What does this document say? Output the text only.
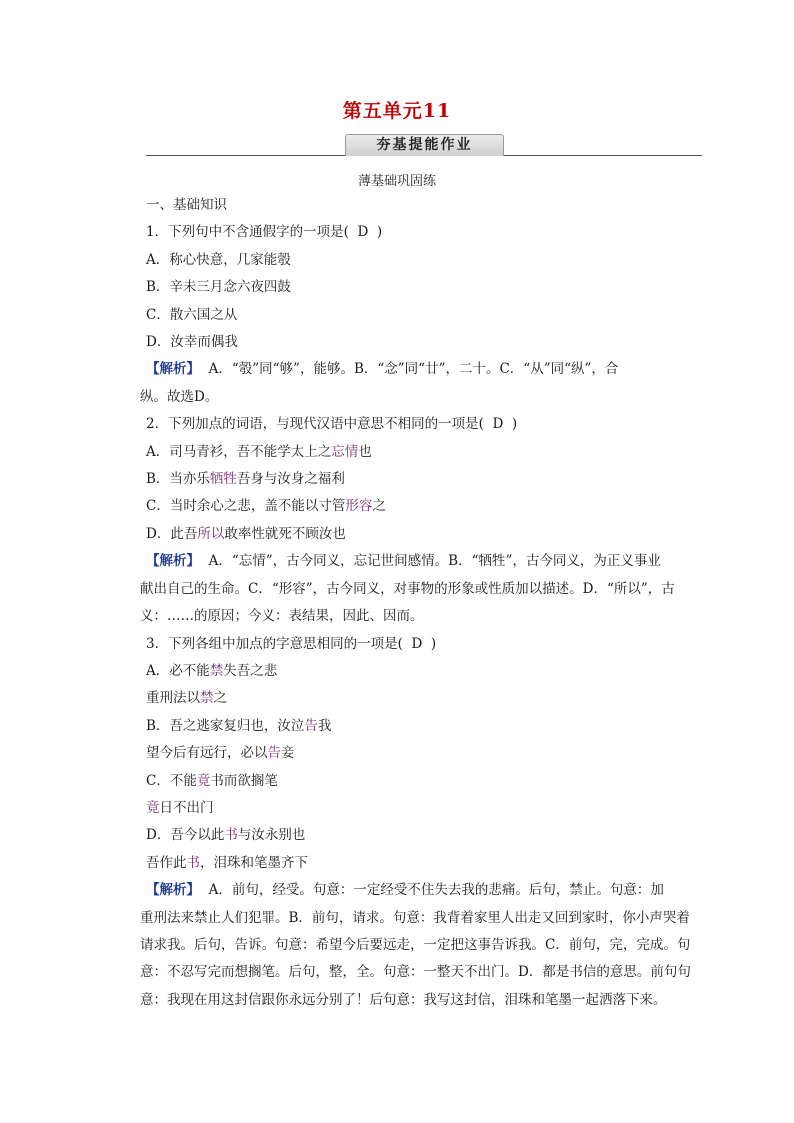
第五单元11
夯基提能作业
薄基础巩固练

一、基础知识

1．下列句中不含通假字的一项是( D )

A．称心快意，几家能彀

B．辛未三月念六夜四鼓

C．散六国之从

D．汝幸而偶我

【解析】 A．“彀”同“够”，能够。B．“念”同“廿”，二十。C．“从”同“纵”，合

纵。故选D。

2．下列加点的词语，与现代汉语中意思不相同的一项是( D )

A．司马青衫，吾不能学太上之忘情也

B．当亦乐牺牲吾身与汝身之福利

C．当时余心之悲，盖不能以寸管形容之

D．此吾所以敢率性就死不顾汝也

【解析】 A．“忘情”，古今同义，忘记世间感情。B．“牺牲”，古今同义，为正义事业

献出自己的生命。C．“形容”，古今同义，对事物的形象或性质加以描述。D．“所以”，古

义：……的原因；今义：表结果，因此、因而。

3．下列各组中加点的字意思相同的一项是( D )

A．必不能禁失吾之悲

重刑法以禁之

B．吾之逃家复归也，汝泣告我

望今后有远行，必以告妾

C．不能竟书而欲搁笔

竟日不出门

D．吾今以此书与汝永别也

吾作此书，泪珠和笔墨齐下

【解析】 A．前句，经受。句意：一定经受不住失去我的悲痛。后句，禁止。句意：加

重刑法来禁止人们犯罪。B．前句，请求。句意：我背着家里人出走又回到家时，你小声哭着

请求我。后句，告诉。句意：希望今后要远走，一定把这事告诉我。C．前句，完，完成。句

意：不忍写完而想搁笔。后句，整，全。句意：一整天不出门。D．都是书信的意思。前句句

意：我现在用这封信跟你永远分别了！后句意：我写这封信，泪珠和笔墨一起洒落下来。
